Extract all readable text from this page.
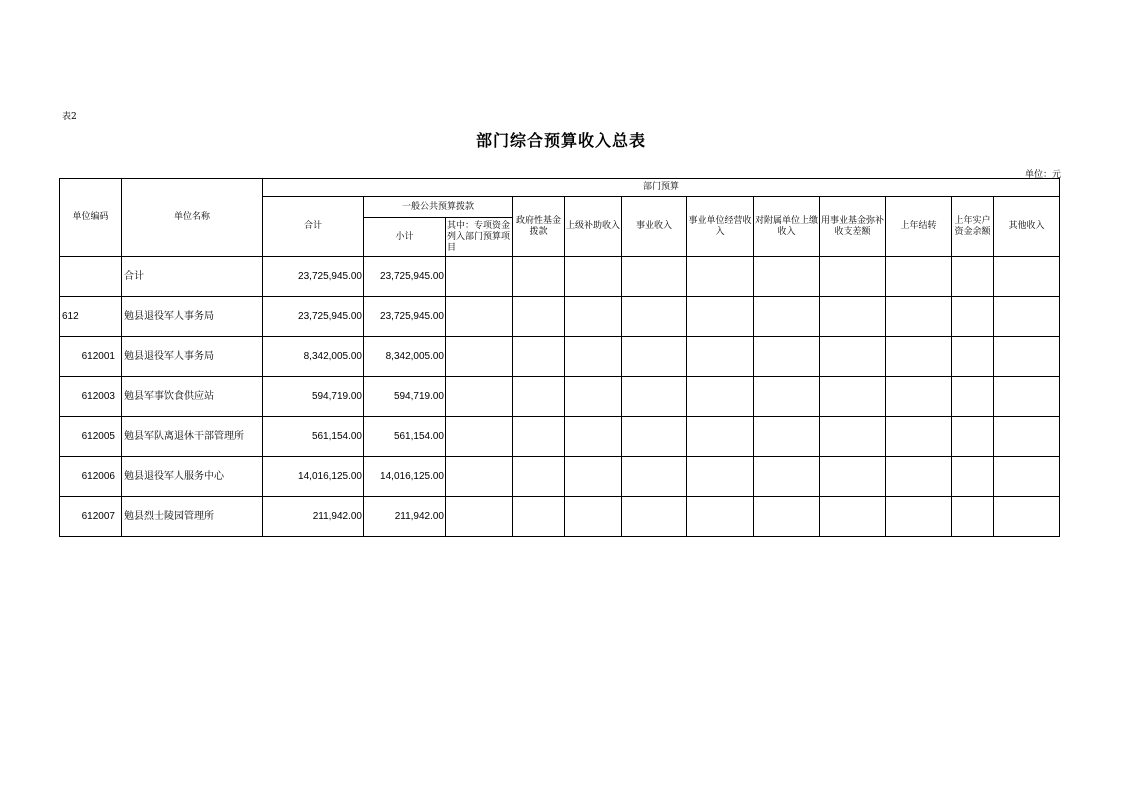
表2
部门综合预算收入总表
单位：元
单位编码	单位名称	部门预算											
		合计	一般公共预算拨款		政府性基金拨款	上级补助收入	事业收入	事业单位经营收入	对附属单位上缴收入	用事业基金弥补收支差额	上年结转	上年实户资金余额	其他收入
			小计	其中：专项资金列入部门预算项目									
	合计	23,725,945.00	23,725,945.00										
612	勉县退役军人事务局	23,725,945.00	23,725,945.00										
612001	勉县退役军人事务局	8,342,005.00	8,342,005.00										
612003	勉县军事饮食供应站	594,719.00	594,719.00										
612005	勉县军队离退休干部管理所	561,154.00	561,154.00										
612006	勉县退役军人服务中心	14,016,125.00	14,016,125.00										
612007	勉县烈士陵园管理所	211,942.00	211,942.00										
